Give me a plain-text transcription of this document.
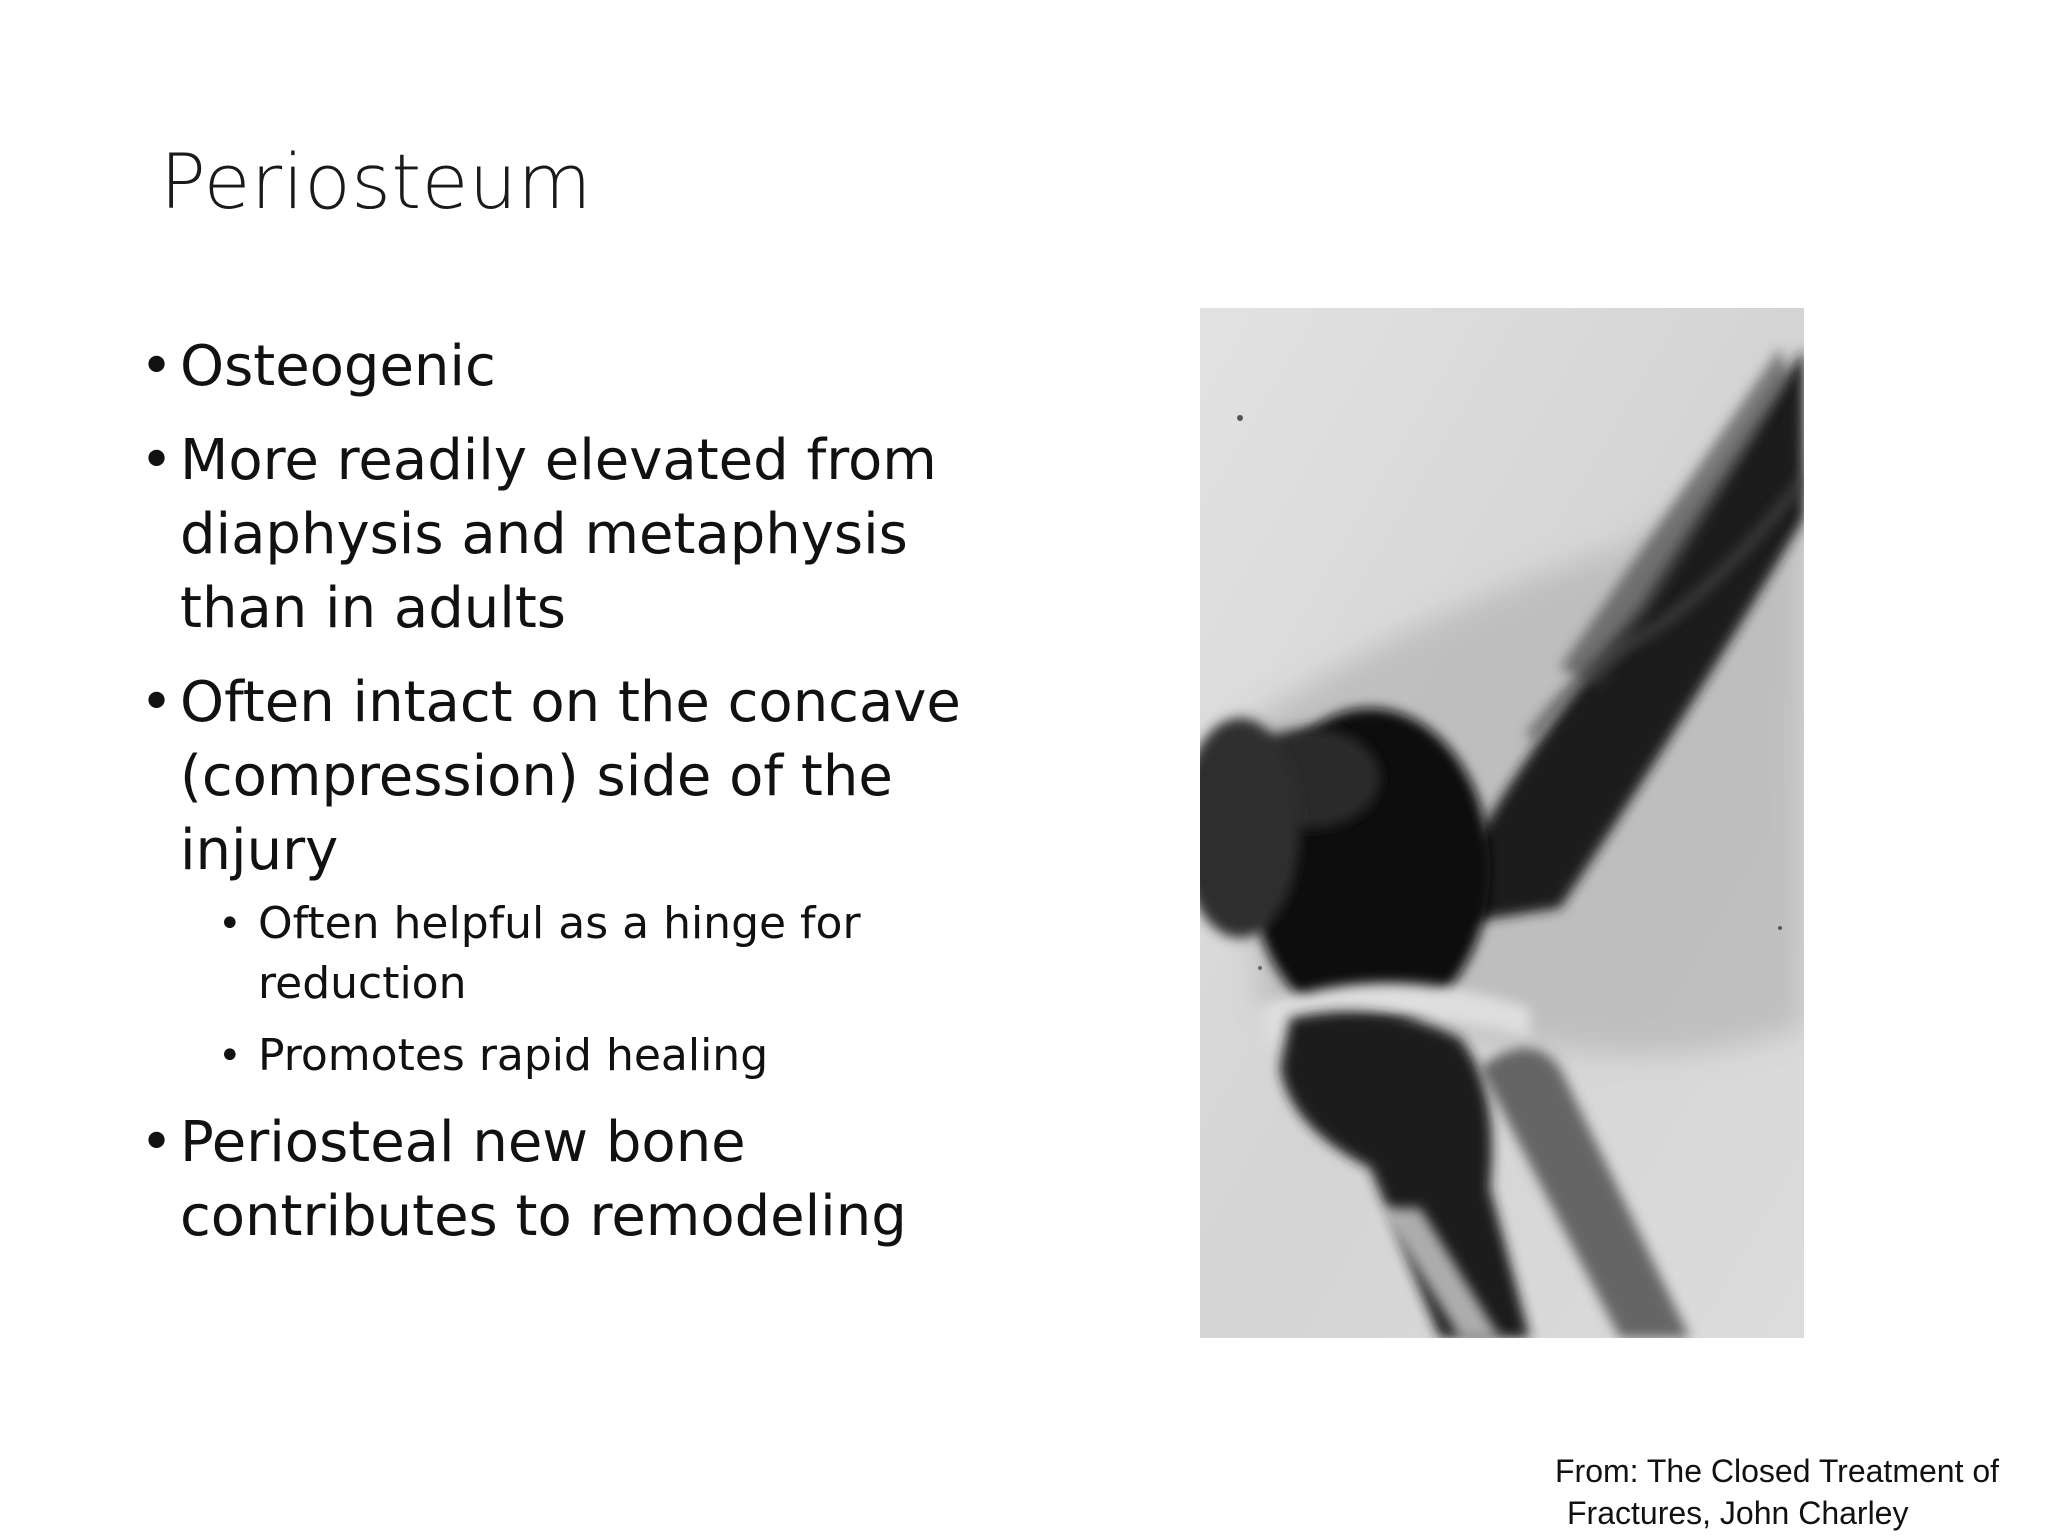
Periosteum
• Osteogenic
• More readily elevated from diaphysis and metaphysis than in adults
• Often intact on the concave (compression) side of the injury
• Often helpful as a hinge for reduction
• Promotes rapid healing
• Periosteal new bone contributes to remodeling
From: The Closed Treatment of
Fractures, John Charley
